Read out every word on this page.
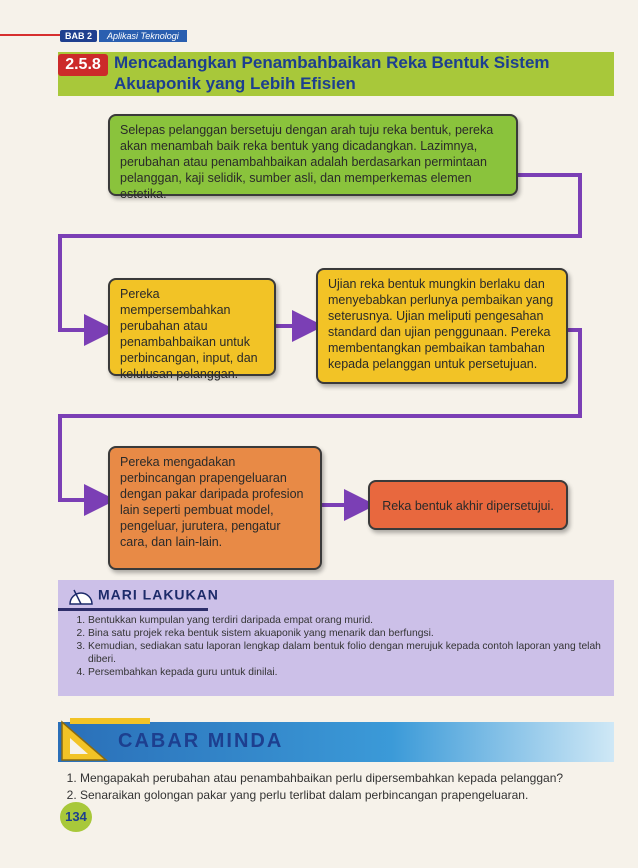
BAB 2	Aplikasi Teknologi
2.5.8 Mencadangkan Penambahbaikan Reka Bentuk Sistem Akuaponik yang Lebih Efisien
Selepas pelanggan bersetuju dengan arah tuju reka bentuk, pereka akan menambah baik reka bentuk yang dicadangkan. Lazimnya, perubahan atau penambahbaikan adalah berdasarkan permintaan pelanggan, kaji selidik, sumber asli, dan memperkemas elemen estetika.
Pereka mempersembahkan perubahan atau penambahbaikan untuk perbincangan, input, dan kelulusan pelanggan.
Ujian reka bentuk mungkin berlaku dan menyebabkan perlunya pembaikan yang seterusnya. Ujian meliputi pengesahan standard dan ujian penggunaan. Pereka membentangkan pembaikan tambahan kepada pelanggan untuk persetujuan.
Pereka mengadakan perbincangan prapengeluaran dengan pakar daripada profesion lain seperti pembuat model, pengeluar, jurutera, pengatur cara, dan lain-lain.
Reka bentuk akhir dipersetujui.
MARI LAKUKAN
1. Bentukkan kumpulan yang terdiri daripada empat orang murid.
2. Bina satu projek reka bentuk sistem akuaponik yang menarik dan berfungsi.
3. Kemudian, sediakan satu laporan lengkap dalam bentuk folio dengan merujuk kepada contoh laporan yang telah diberi.
4. Persembahkan kepada guru untuk dinilai.
CABAR MINDA
1. Mengapakah perubahan atau penambahbaikan perlu dipersembahkan kepada pelanggan?
2. Senaraikan golongan pakar yang perlu terlibat dalam perbincangan prapengeluaran.
134
